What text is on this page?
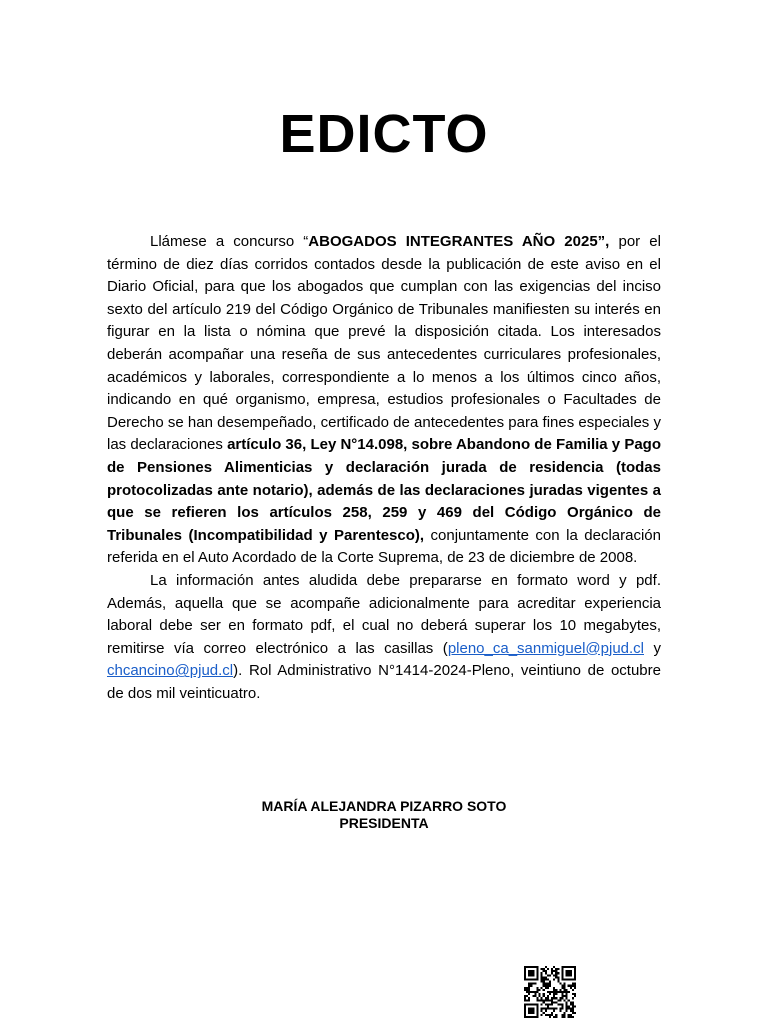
EDICTO

Llámese a concurso “ABOGADOS INTEGRANTES AÑO 2025”, por el término de diez días corridos contados desde la publicación de este aviso en el Diario Oficial, para que los abogados que cumplan con las exigencias del inciso sexto del artículo 219 del Código Orgánico de Tribunales manifiesten su interés en figurar en la lista o nómina que prevé la disposición citada. Los interesados deberán acompañar una reseña de sus antecedentes curriculares profesionales, académicos y laborales, correspondiente a lo menos a los últimos cinco años, indicando en qué organismo, empresa, estudios profesionales o Facultades de Derecho se han desempeñado, certificado de antecedentes para fines especiales y las declaraciones artículo 36, Ley N°14.098, sobre Abandono de Familia y Pago de Pensiones Alimenticias y declaración jurada de residencia (todas protocolizadas ante notario), además de las declaraciones juradas vigentes a que se refieren los artículos 258, 259 y 469 del Código Orgánico de Tribunales (Incompatibilidad y Parentesco), conjuntamente con la declaración referida en el Auto Acordado de la Corte Suprema, de 23 de diciembre de 2008.

La información antes aludida debe prepararse en formato word y pdf. Además, aquella que se acompañe adicionalmente para acreditar experiencia laboral debe ser en formato pdf, el cual no deberá superar los 10 megabytes, remitirse vía correo electrónico a las casillas (pleno_ca_sanmiguel@pjud.cl y chcancino@pjud.cl). Rol Administrativo N°1414-2024-Pleno, veintiuno de octubre de dos mil veinticuatro.

MARÍA ALEJANDRA PIZARRO SOTO
PRESIDENTA
